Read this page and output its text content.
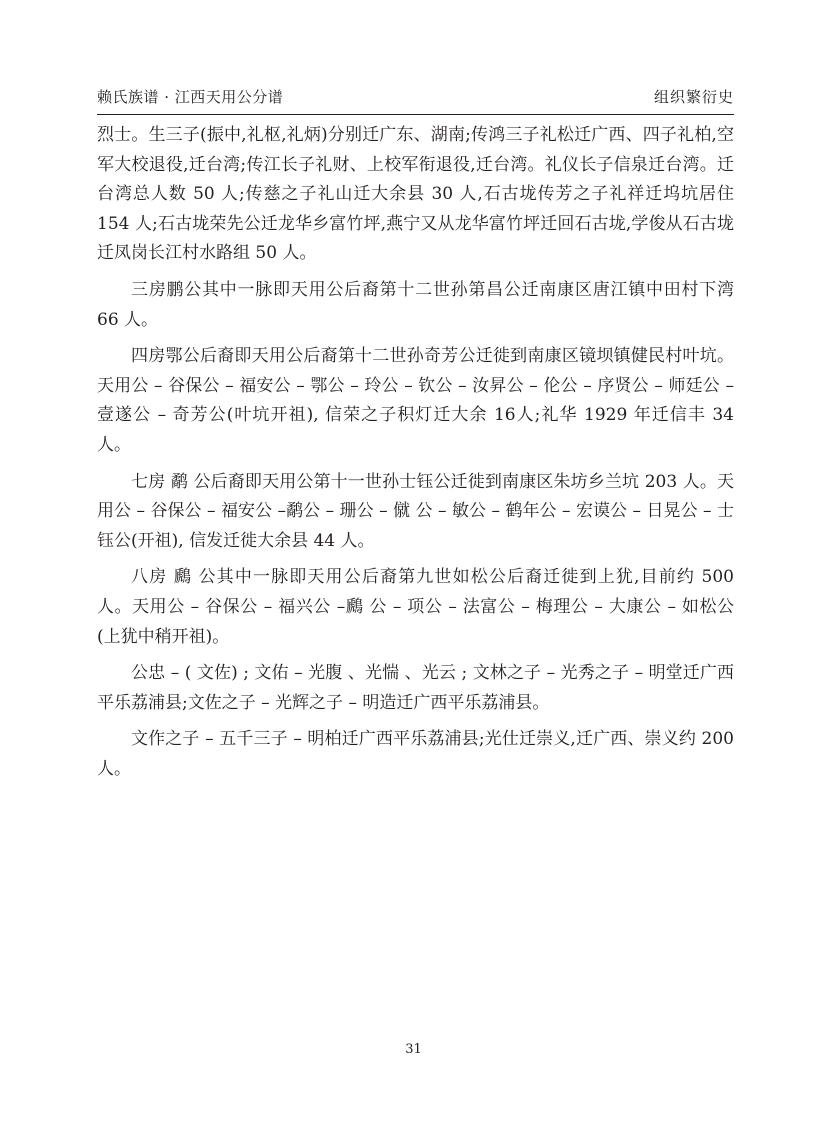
赖氏族谱 · 江西天用公分谱	组织繁衍史

烈士。生三子(振中,礼枢,礼炳)分别迁广东、湖南;传鸿三子礼松迁广西、四子礼柏,空军大校退役,迁台湾;传江长子礼财、上校军衔退役,迁台湾。礼仪长子信泉迁台湾。迁台湾总人数 50 人;传慈之子礼山迁大余县 30 人,石古垅传芳之子礼祥迁坞坑居住 154 人;石古垅荣先公迁龙华乡富竹坪,燕宁又从龙华富竹坪迁回石古垅,学俊从石古垅迁凤岗长江村水路组 50 人。

三房鹏公其中一脉即天用公后裔第十二世孙第昌公迁南康区唐江镇中田村下湾 66 人。

四房鄂公后裔即天用公后裔第十二世孙奇芳公迁徙到南康区镜坝镇健民村叶坑。天用公 – 谷保公 – 福安公 – 鄂公 – 玲公 – 钦公 – 汝昇公 – 伦公 – 序贤公 – 师廷公 – 壹遂公 – 奇芳公(叶坑开祖), 信荣之子积灯迁大余 16人;礼华 1929 年迁信丰 34 人。

七房 鹬 公后裔即天用公第十一世孙士钰公迁徙到南康区朱坊乡兰坑 203 人。天用公 – 谷保公 – 福安公 –鹬公 – 珊公 – 僦 公 – 敏公 – 鹤年公 – 宏谟公 – 日晃公 – 士钰公(开祖), 信发迁徙大余县 44 人。

八房 鷉 公其中一脉即天用公后裔第九世如松公后裔迁徙到上犹,目前约 500 人。天用公 – 谷保公 – 福兴公 –鷉 公 – 项公 – 法富公 – 梅理公 – 大康公 – 如松公(上犹中稍开祖)。

公忠 – ( 文佐) ; 文佑 – 光腹 、光惴 、光云 ; 文林之子 – 光秀之子 – 明堂迁广西平乐荔浦县;文佐之子 – 光辉之子 – 明造迁广西平乐荔浦县。

文作之子 – 五千三子 – 明柏迁广西平乐荔浦县;光仕迁崇义,迁广西、崇义约 200 人。

31
